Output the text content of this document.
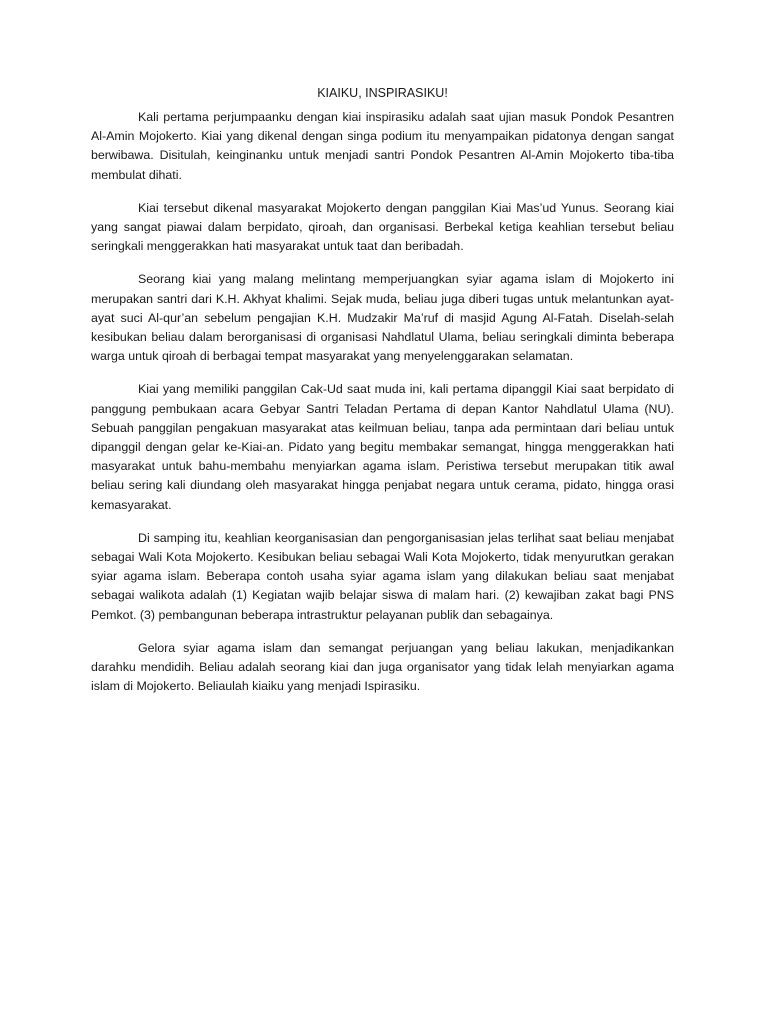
KIAIKU, INSPIRASIKU!

Kali pertama perjumpaanku dengan kiai inspirasiku adalah saat ujian masuk Pondok Pesantren Al-Amin Mojokerto. Kiai yang dikenal dengan singa podium itu menyampaikan pidatonya dengan sangat berwibawa. Disitulah, keinginanku untuk menjadi santri Pondok Pesantren Al-Amin Mojokerto tiba-tiba membulat dihati.

Kiai tersebut dikenal masyarakat Mojokerto dengan panggilan Kiai Mas’ud Yunus. Seorang kiai yang sangat piawai dalam berpidato, qiroah, dan organisasi. Berbekal ketiga keahlian tersebut beliau seringkali menggerakkan hati masyarakat untuk taat dan beribadah.

Seorang kiai yang malang melintang memperjuangkan syiar agama islam di Mojokerto ini merupakan santri dari K.H. Akhyat khalimi. Sejak muda, beliau juga diberi tugas untuk melantunkan ayat-ayat suci Al-qur’an sebelum pengajian K.H. Mudzakir Ma’ruf di masjid Agung Al-Fatah. Diselah-selah kesibukan beliau dalam berorganisasi di organisasi Nahdlatul Ulama, beliau seringkali diminta beberapa warga untuk qiroah di berbagai tempat masyarakat yang menyelenggarakan selamatan.

Kiai yang memiliki panggilan Cak-Ud saat muda ini, kali pertama dipanggil Kiai saat berpidato di panggung pembukaan acara Gebyar Santri Teladan Pertama di depan Kantor Nahdlatul Ulama (NU). Sebuah panggilan pengakuan masyarakat atas keilmuan beliau, tanpa ada permintaan dari beliau untuk dipanggil dengan gelar ke-Kiai-an. Pidato yang begitu membakar semangat, hingga menggerakkan hati masyarakat untuk bahu-membahu menyiarkan agama islam. Peristiwa tersebut merupakan titik awal beliau sering kali diundang oleh masyarakat hingga penjabat negara untuk cerama, pidato, hingga orasi kemasyarakat.

Di samping itu, keahlian keorganisasian dan pengorganisasian jelas terlihat saat beliau menjabat sebagai Wali Kota Mojokerto. Kesibukan beliau sebagai Wali Kota Mojokerto, tidak menyurutkan gerakan syiar agama islam. Beberapa contoh usaha syiar agama islam yang dilakukan beliau saat menjabat sebagai walikota adalah (1) Kegiatan wajib belajar siswa di malam hari. (2) kewajiban zakat bagi PNS Pemkot. (3) pembangunan beberapa intrastruktur pelayanan publik dan sebagainya.

Gelora syiar agama islam dan semangat perjuangan yang beliau lakukan, menjadikankan darahku mendidih. Beliau adalah seorang kiai dan juga organisator yang tidak lelah menyiarkan agama islam di Mojokerto. Beliaulah kiaiku yang menjadi Ispirasiku.
